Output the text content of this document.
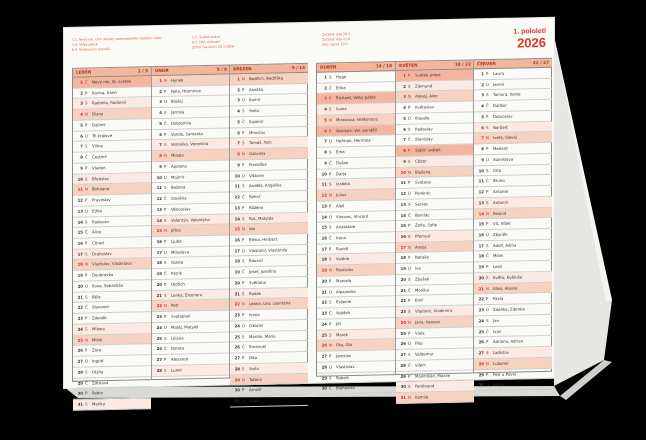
1.1. Nový rok, Den obnovy samostatného českého státu
3.4. Velký pátek
6.4. Velikonoční pondělí
1.5. Svátek práce
8.5. Den vítězství
Zimní čas končí 29.3.2026
Začátek jara 20.3.
Začátek léta 21.6.
Den matek 10.5.
1. pololetí
2026
LEDEN	1 / 5
1 Č	Nový rok, St. svátek
2 P	Karina, Karin
3 S	Radmila, Radomil
4 N	Diana
5 P	Dalimil
6 Ú	Tři králové
7 S	Vilma
8 Č	Čestmír
9 P	Vladan
10 S	Břetislav
11 N	Bohdana
12 P	Pravoslav
13 Ú	Edita
14 S	Radovan
15 Č	Alice
16 P	Ctirad
17 S	Drahoslav
18 N	Vladislav, Vladislava
19 P	Doubravka
20 Ú	Ilona, Sebastián
21 S	Běla
22 Č	Slavomír
23 P	Zdeněk
24 S	Milena
25 N	Miloš
26 P	Zora
27 Ú	Ingrid
28 S	Otýlie
29 Č	Zdislava
30 P	Robin
31 S	Marika
ÚNOR	5 / 9
1 N	Hynek
2 P	Nela, Hromnice
3 Ú	Blažej
4 S	Jarmila
5 Č	Dobromila
6 P	Vanda, Samanta
7 S	Veronika, Veronikla
8 N	Milada
9 P	Apolena
10 Ú	Mojmír
11 S	Božena
12 Č	Slavěna
13 P	Věnceslav
14 S	Valentýn, Valentýna
15 N	Jiřina
16 P	Ljuba
17 Ú	Miloslava
18 S	Gizela
19 Č	Patrik
20 P	Oldřich
21 S	Lenka, Eleonora
22 N	Petr
23 P	Svatopluk
24 Ú	Matěj, Matyáš
25 S	Liliana
26 Č	Dorota
27 P	Alexandr
28 S	Lumír
BŘEZEN	9 / 14
1 N	Bedřich, Bedřiška
2 P	Anežka
3 Ú	Kamil
4 S	Stela
5 Č	Kazimír
6 P	Miroslav
7 S	Tomáš, Tom
8 N	Gabriela
9 P	Františka
10 Ú	Viktorie
11 S	Anděla, Angelika
12 Č	Řehoř
13 P	Růžena
14 S	Rút, Matylda
15 N	Ida
16 P	Elena, Herbert
17 Ú	Vlastimil, Vlastimila
18 S	Eduard
19 Č	Josef, Josefína
20 P	Světlana
21 S	Radek
22 N	Leona, Lea, Leontýna
23 P	Ivona
24 Ú	Gabriel
25 S	Marián, Mario
26 Č	Emanuel
27 P	Dita
28 S	Soňa
29 N	Taťána
30 P	Arnošt
31 Ú	Kvido
DUBEN	14 / 18
1 S	Hugo
2 Č	Erika
3 P	Richard, Velký pátek
4 S	Ivana
5 N	Miroslava, Velikonoce
6 P	Vendula, Vel. pondělí
7 Ú	Heřman, Hermína
8 S	Ema
9 Č	Dušan
10 P	Darja
11 S	Izabela
12 N	Julius
13 P	Aleš
14 Ú	Vincenc, Vincent
15 S	Anastázie
16 Č	Irena
17 P	Rudolf
18 S	Valérie
19 N	Rostislav
20 P	Marcela
21 Ú	Alexandra
22 S	Evženie
23 Č	Vojtěch
24 P	Jiří
25 S	Marek
26 N	Oto, Ota
27 P	Jaroslav
28 Ú	Vlastislav
29 S	Robert
30 Č	Blahoslav
KVĚTEN	18 / 22
1 P	Svátek práce
2 S	Zikmund
3 N	Alexej, Alex
4 P	Květoslav
5 Ú	Klaudie
6 S	Radoslav
7 Č	Stanislav
8 P	Státní svátek
9 S	Ctibor
10 N	Blažena
11 P	Svatava
12 Ú	Pankrác
13 S	Servác
14 Č	Bonifác
15 P	Žofie, Sofie
16 S	Přemysl
17 N	Aneta
18 P	Nataša
19 Ú	Ivo
20 S	Zbyšek
21 Č	Monika
22 P	Emil
23 S	Vladimír, Vladimíra
24 N	Jana, Vanesa
25 P	Viola
26 Ú	Filip
27 S	Valdemar
28 Č	Vilém
29 P	Maxmilián, Maxim
30 S	Ferdinand
31 N	Kamila
ČERVEN	22 / 27
1 P	Laura
2 Ú	Jarmil
3 S	Tamara, Xenie
4 Č	Dalibor
5 P	Dobroslav
6 S	Norbert
7 N	Iveta, Slavoj
8 P	Medard
9 Ú	Stanislava
10 S	Gita
11 Č	Bruno
12 P	Antonie
13 S	Antonín
14 N	Roland
15 P	Vít, Vítek
16 Ú	Zbyněk
17 S	Adolf, Adina
18 Č	Milan
19 P	Leoš
20 S	Květa, Květuše
21 N	Alois, Aloisie
22 P	Pavla
23 Ú	Zdeňka, Zdenka
24 S	Jan
25 Č	Ivan
26 P	Adriana, Adrian
27 S	Ladislav
28 N	Lubomír
29 P	Petr a Pavel
30 Ú	Šárka
